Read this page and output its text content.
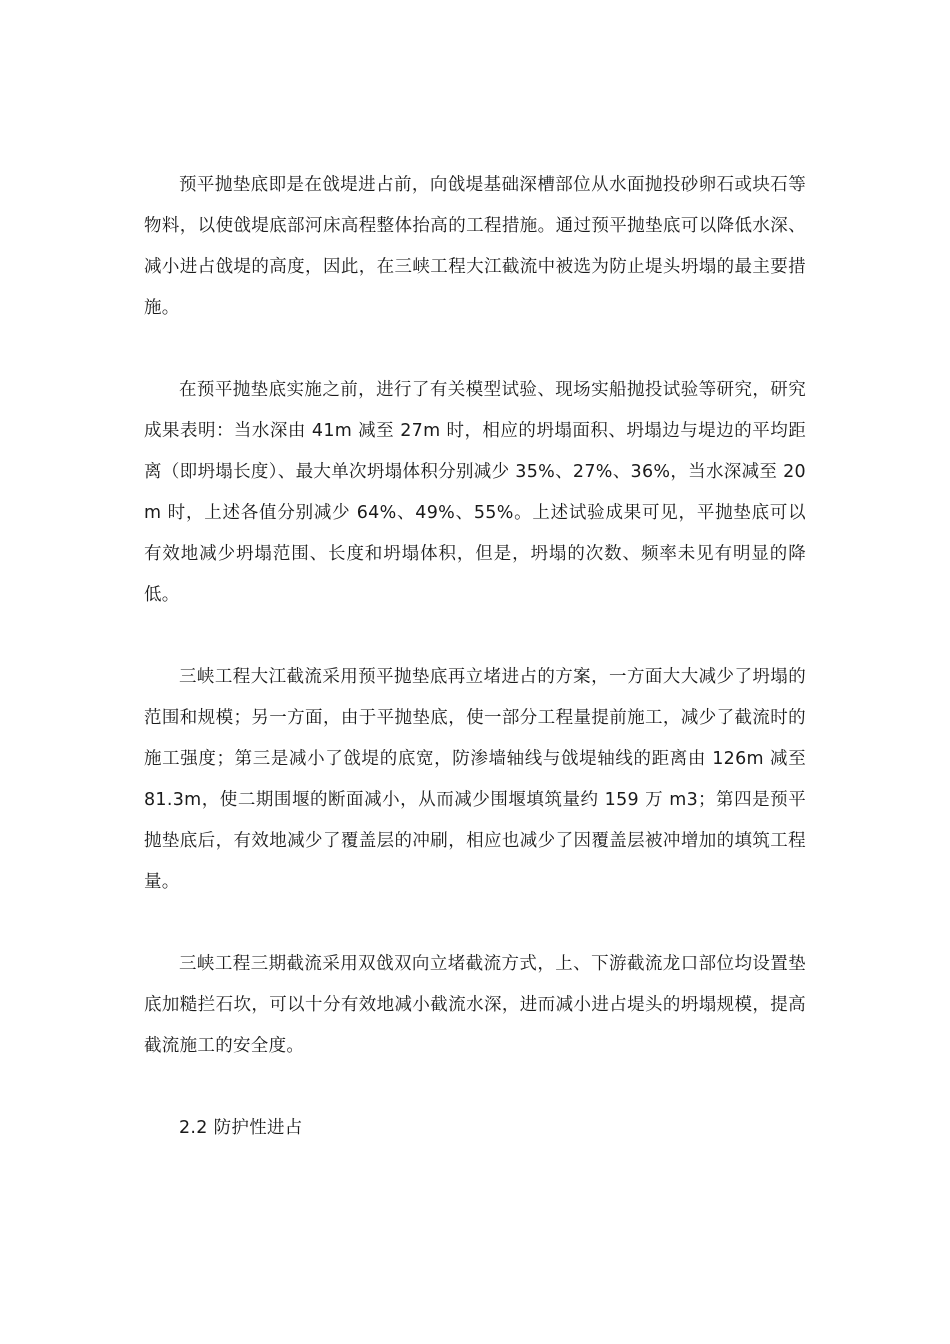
预平抛垫底即是在戗堤进占前，向戗堤基础深槽部位从水面抛投砂卵石或块石等物料，以使戗堤底部河床高程整体抬高的工程措施。通过预平抛垫底可以降低水深、减小进占戗堤的高度，因此，在三峡工程大江截流中被选为防止堤头坍塌的最主要措施。

在预平抛垫底实施之前，进行了有关模型试验、现场实船抛投试验等研究，研究成果表明：当水深由 41m 减至 27m 时，相应的坍塌面积、坍塌边与堤边的平均距离（即坍塌长度）、最大单次坍塌体积分别减少 35%、27%、36%，当水深减至 20m 时，上述各值分别减少 64%、49%、55%。上述试验成果可见，平抛垫底可以有效地减少坍塌范围、长度和坍塌体积，但是，坍塌的次数、频率未见有明显的降低。

三峡工程大江截流采用预平抛垫底再立堵进占的方案，一方面大大减少了坍塌的范围和规模；另一方面，由于平抛垫底，使一部分工程量提前施工，减少了截流时的施工强度；第三是减小了戗堤的底宽，防渗墙轴线与戗堤轴线的距离由 126m 减至 81.3m，使二期围堰的断面减小，从而减少围堰填筑量约 159 万 m3；第四是预平抛垫底后，有效地减少了覆盖层的冲刷，相应也减少了因覆盖层被冲增加的填筑工程量。

三峡工程三期截流采用双戗双向立堵截流方式，上、下游截流龙口部位均设置垫底加糙拦石坎，可以十分有效地减小截流水深，进而减小进占堤头的坍塌规模，提高截流施工的安全度。

2.2 防护性进占
